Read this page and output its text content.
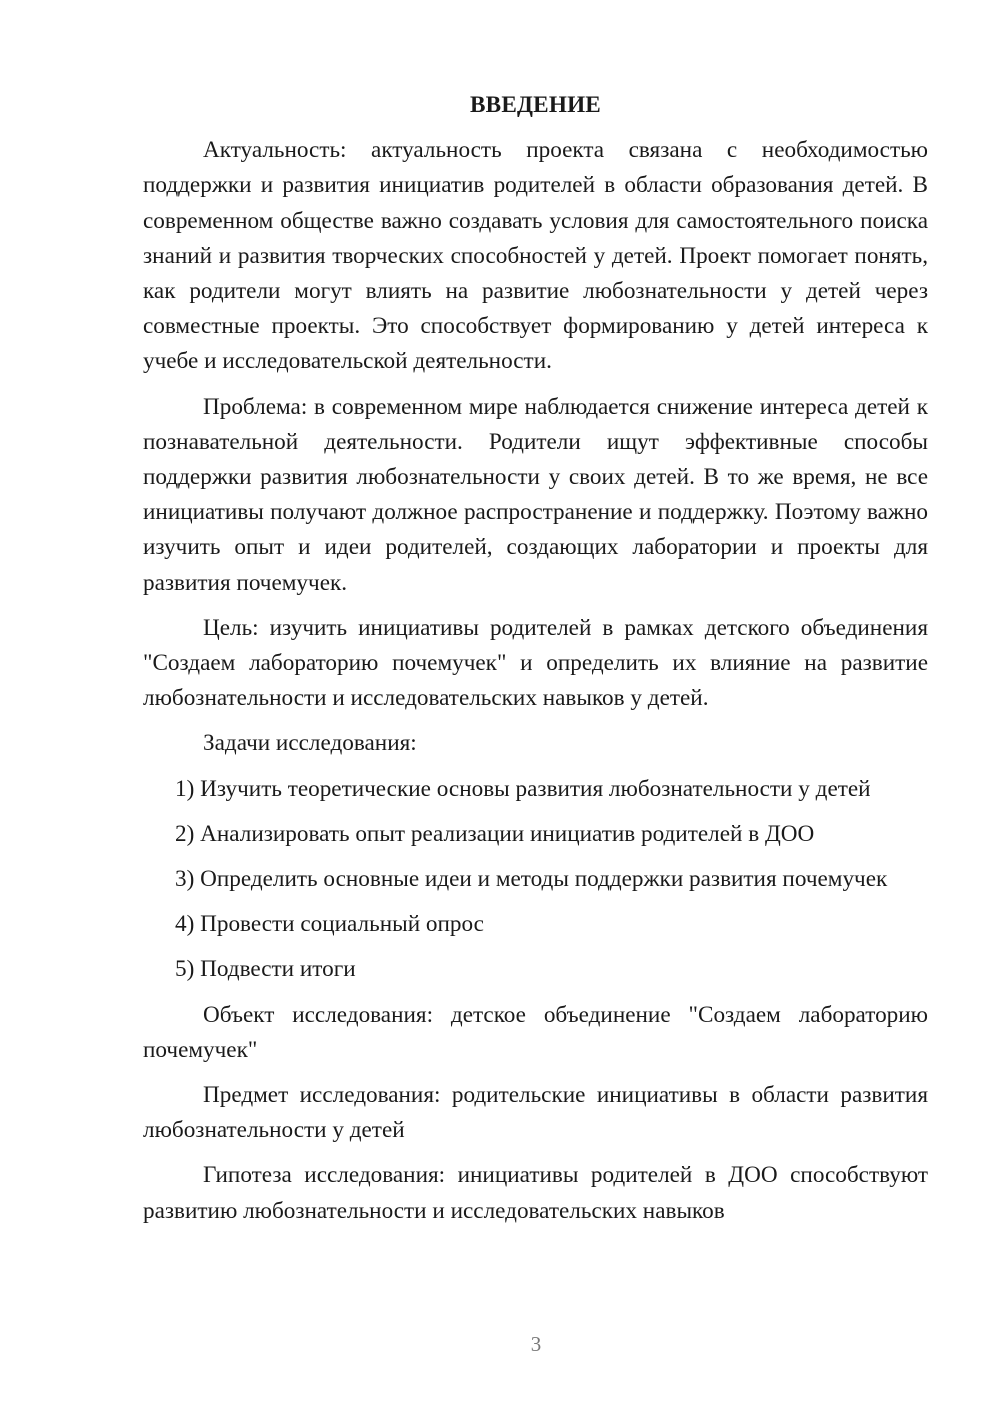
ВВЕДЕНИЕ

Актуальность: актуальность проекта связана с необходимостью поддержки и развития инициатив родителей в области образования детей. В современном обществе важно создавать условия для самостоятельного поиска знаний и развития творческих способностей у детей. Проект помогает понять, как родители могут влиять на развитие любознательности у детей через совместные проекты. Это способствует формированию у детей интереса к учебе и исследовательской деятельности.

Проблема: в современном мире наблюдается снижение интереса детей к познавательной деятельности. Родители ищут эффективные способы поддержки развития любознательности у своих детей. В то же время, не все инициативы получают должное распространение и поддержку. Поэтому важно изучить опыт и идеи родителей, создающих лаборатории и проекты для развития почемучек.

Цель: изучить инициативы родителей в рамках детского объединения "Создаем лабораторию почемучек" и определить их влияние на развитие любознательности и исследовательских навыков у детей.

Задачи исследования:

1) Изучить теоретические основы развития любознательности у детей

2) Анализировать опыт реализации инициатив родителей в ДОО

3) Определить основные идеи и методы поддержки развития почемучек

4) Провести социальный опрос

5) Подвести итоги

Объект исследования: детское объединение "Создаем лабораторию почемучек"

Предмет исследования: родительские инициативы в области развития любознательности у детей

Гипотеза исследования: инициативы родителей в ДОО способствуют развитию любознательности и исследовательских навыков

3
